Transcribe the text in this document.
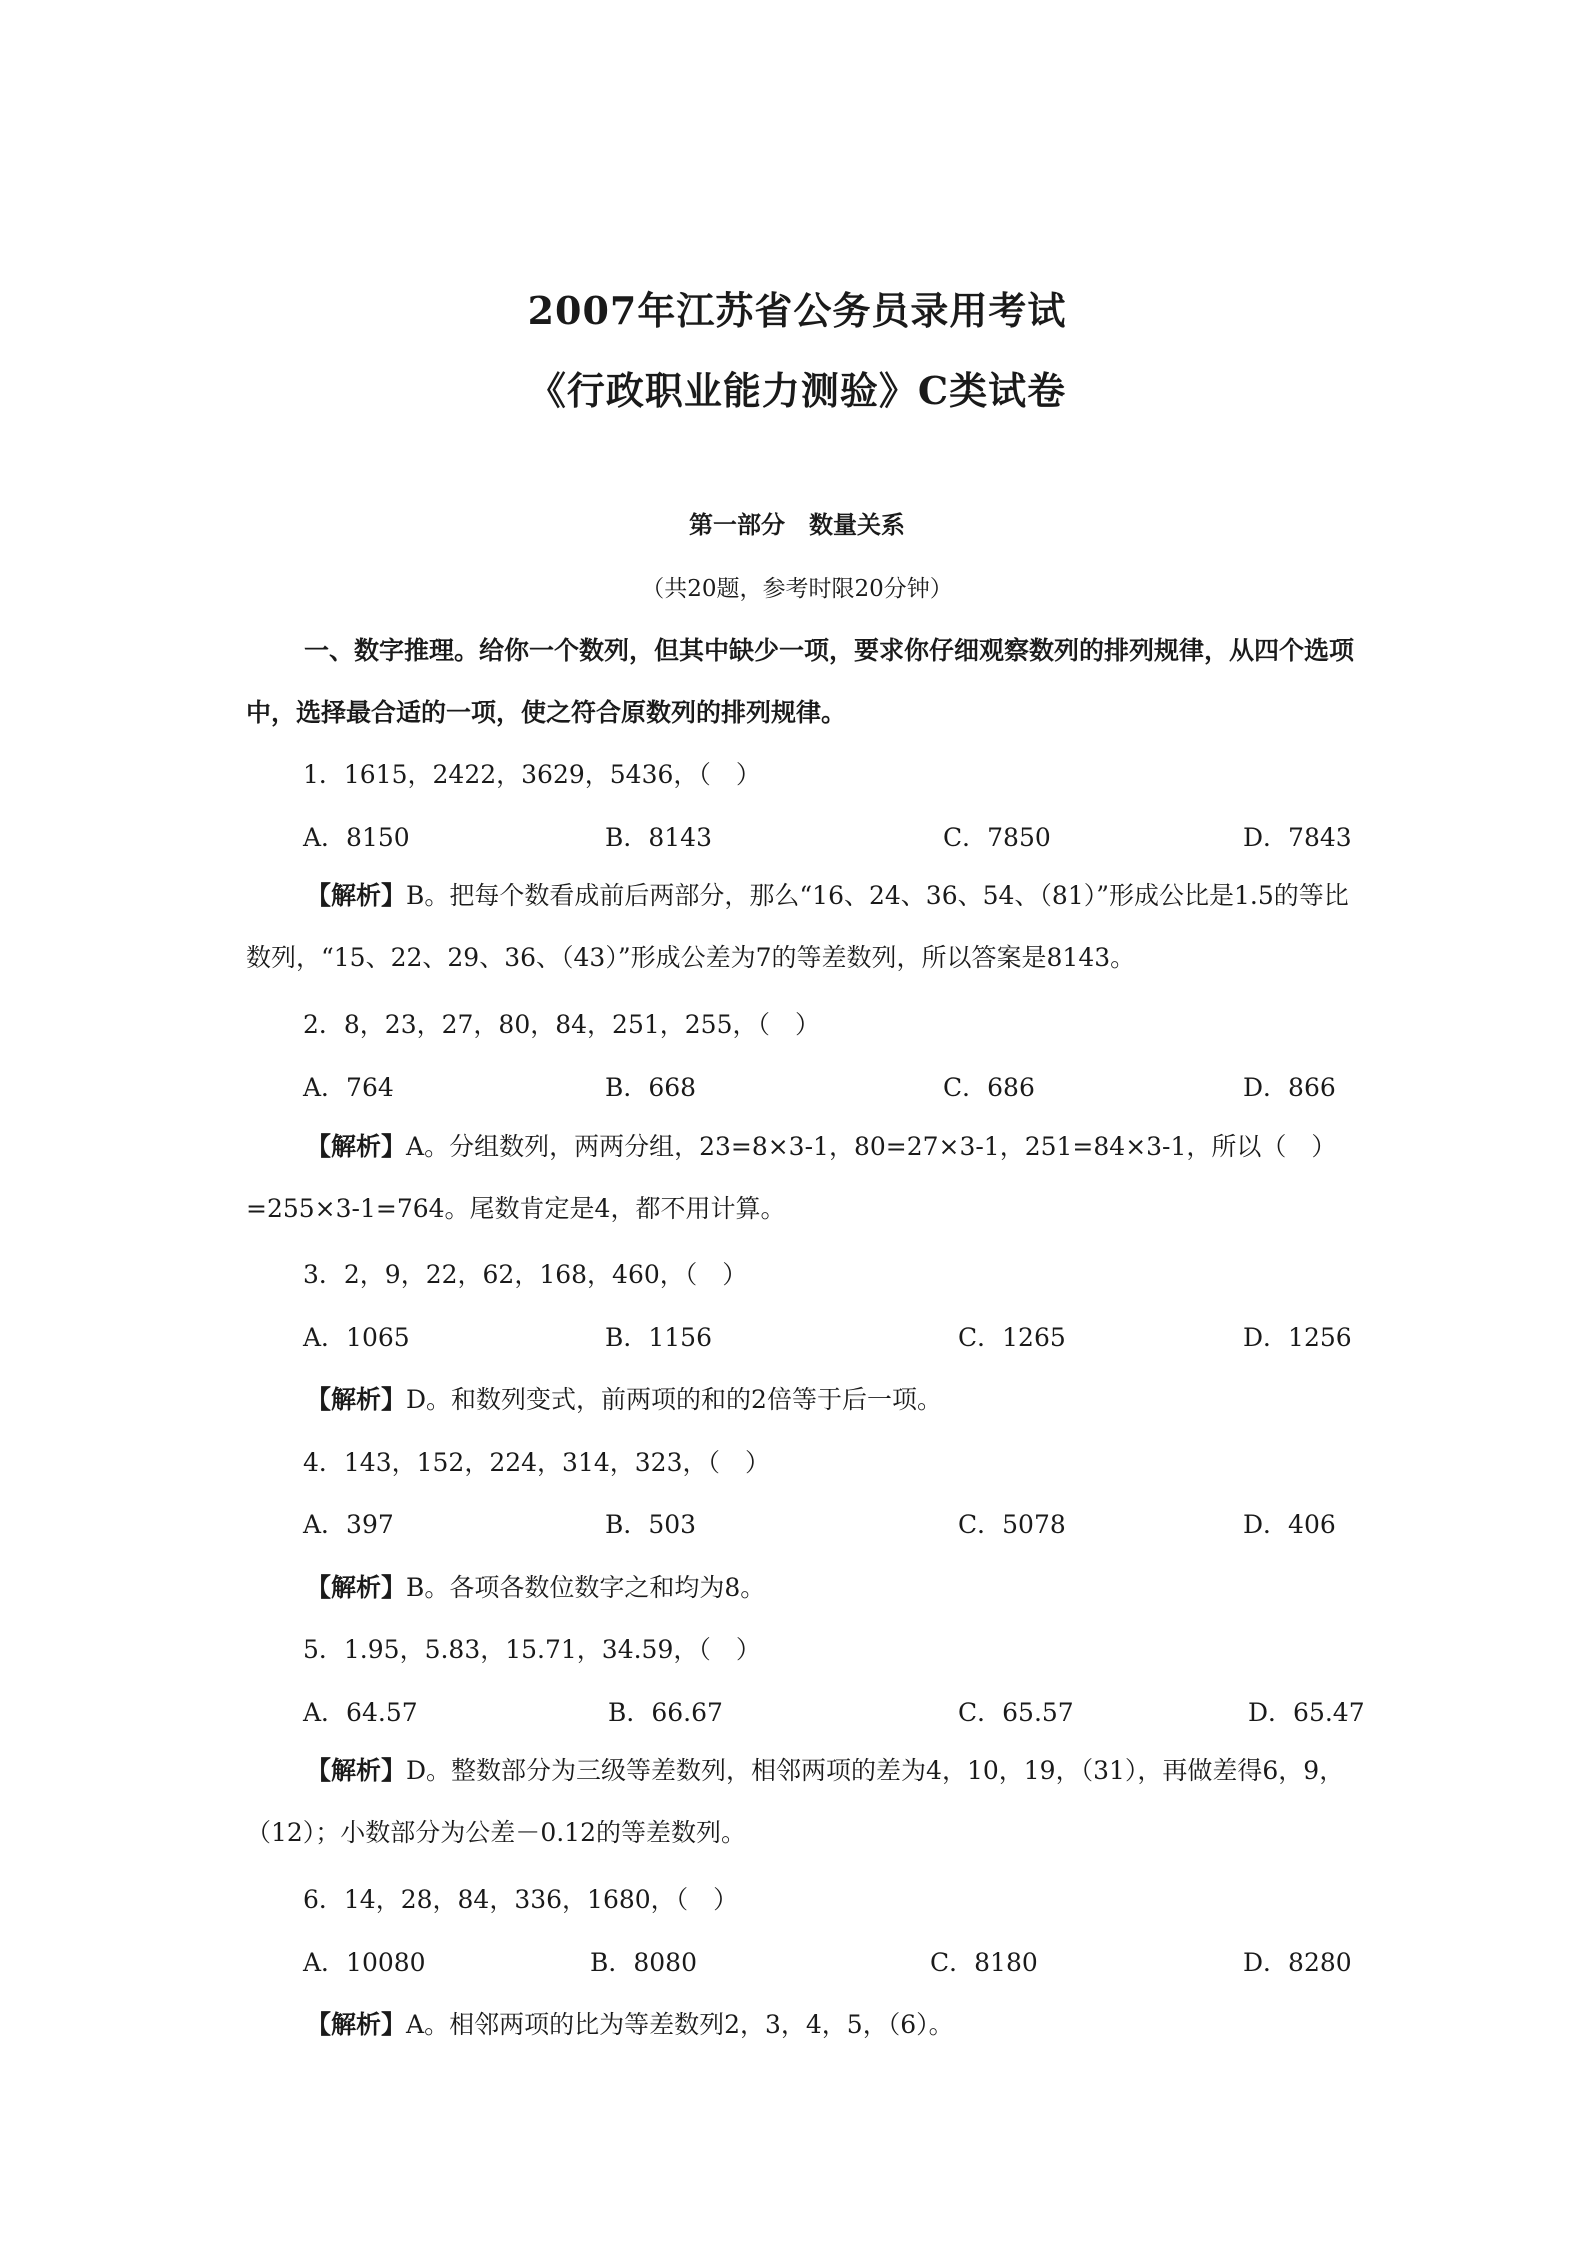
2007年江苏省公务员录用考试
《行政职业能力测验》C类试卷
第一部分　数量关系
（共20题，参考时限20分钟）
一、数字推理。给你一个数列，但其中缺少一项，要求你仔细观察数列的排列规律，从四个选项中，选择最合适的一项，使之符合原数列的排列规律。
1．1615，2422，3629，5436，（　）
A．8150	B．8143	C．7850	D．7843
【解析】B。把每个数看成前后两部分，那么“16、24、36、54、（81）”形成公比是1.5的等比数列，“15、22、29、36、（43）”形成公差为7的等差数列，所以答案是8143。
2．8，23，27，80，84，251，255，（　）
A．764	B．668	C．686	D．866
【解析】A。分组数列，两两分组，23=8×3-1，80=27×3-1，251=84×3-1，所以（　）=255×3-1=764。尾数肯定是4，都不用计算。
3．2，9，22，62，168，460，（　）
A．1065	B．1156	C．1265	D．1256
【解析】D。和数列变式，前两项的和的2倍等于后一项。
4．143，152，224，314，323，（　）
A．397	B．503	C．5078	D．406
【解析】B。各项各数位数字之和均为8。
5．1.95，5.83，15.71，34.59，（　）
A．64.57	B．66.67	C．65.57	D．65.47
【解析】D。整数部分为三级等差数列，相邻两项的差为4，10，19，（31），再做差得6，9，（12）；小数部分为公差－0.12的等差数列。
6．14，28，84，336，1680，（　）
A．10080	B．8080	C．8180	D．8280
【解析】A。相邻两项的比为等差数列2，3，4，5，（6）。
